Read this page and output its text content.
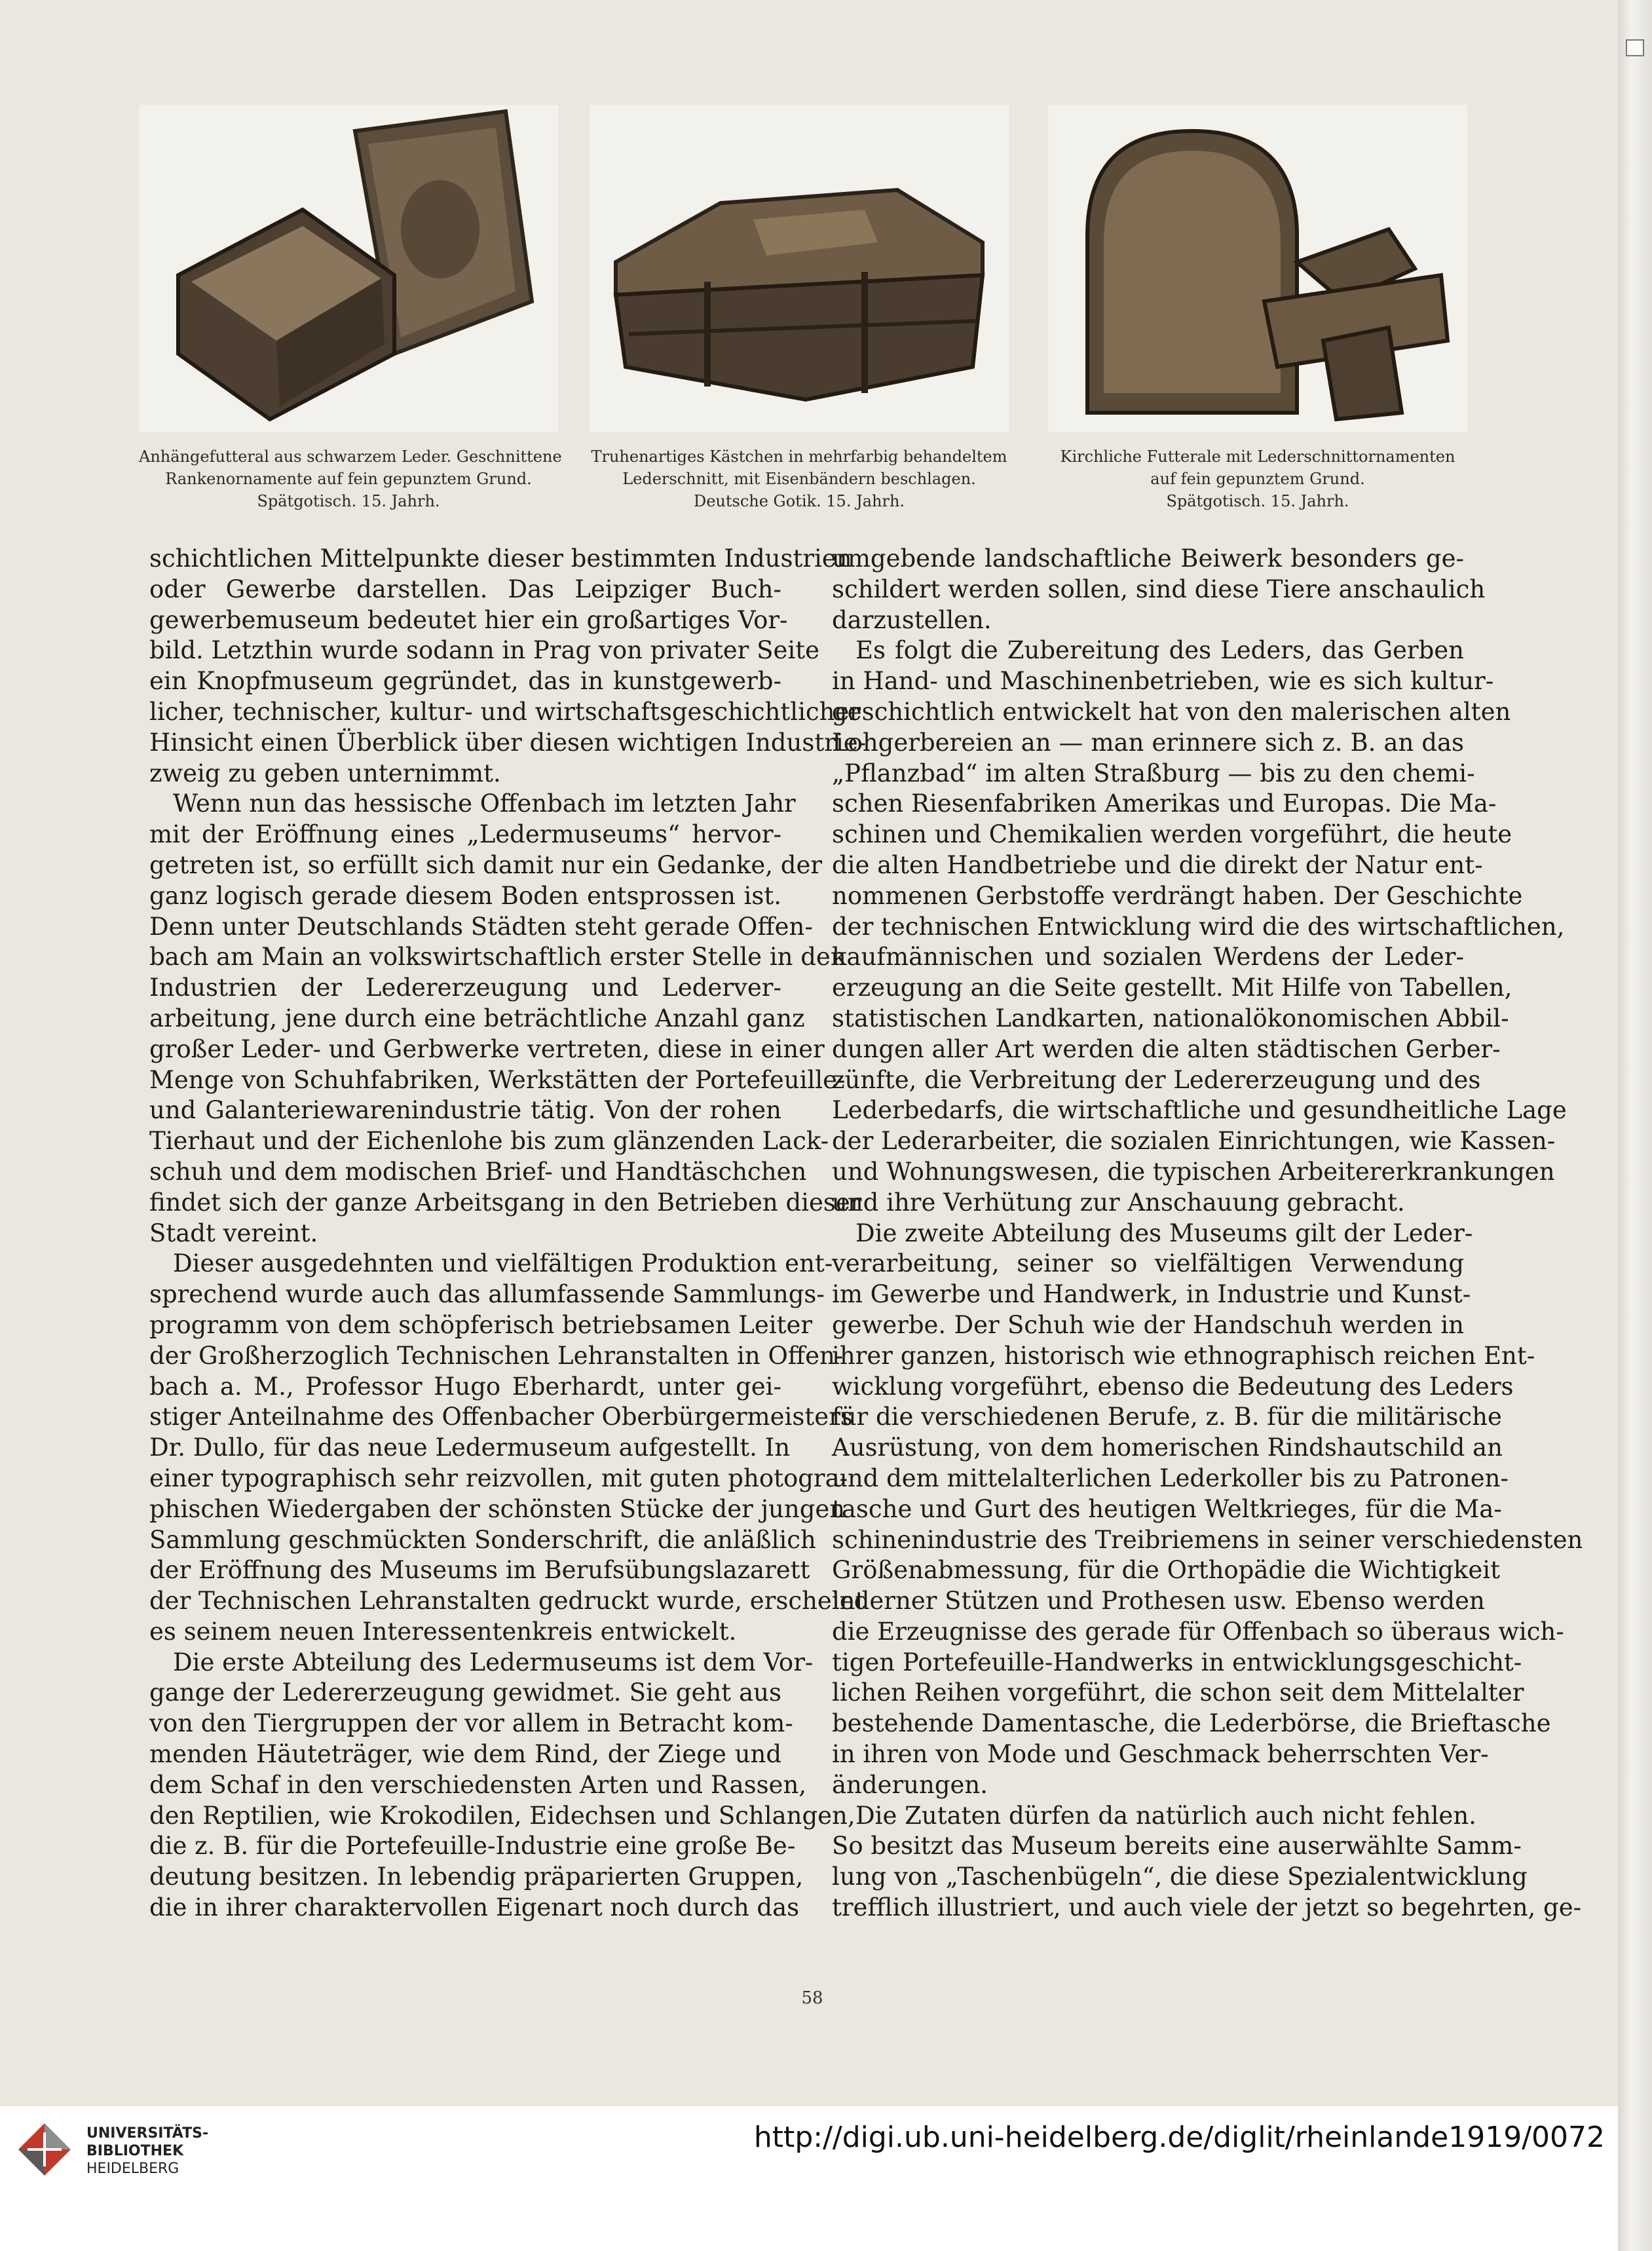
Anhängefutteral aus schwarzem Leder. Geschnittene
Rankenornamente auf fein gepunztem Grund.
Spätgotisch. 15. Jahrh.
Truhenartiges Kästchen in mehrfarbig behandeltem
Lederschnitt, mit Eisenbändern beschlagen.
Deutsche Gotik. 15. Jahrh.
Kirchliche Futterale mit Lederschnittornamenten
auf fein gepunztem Grund.
Spätgotisch. 15. Jahrh.
schichtlichen Mittelpunkte dieser bestimmten Industrien
oder Gewerbe darstellen. Das Leipziger Buch-
gewerbemuseum bedeutet hier ein großartiges Vor-
bild. Letzthin wurde sodann in Prag von privater Seite
ein Knopfmuseum gegründet, das in kunstgewerb-
licher, technischer, kultur- und wirtschaftsgeschichtlicher
Hinsicht einen Überblick über diesen wichtigen Industrie-
zweig zu geben unternimmt.
Wenn nun das hessische Offenbach im letzten Jahr
mit der Eröffnung eines „Ledermuseums“ hervor-
getreten ist, so erfüllt sich damit nur ein Gedanke, der
ganz logisch gerade diesem Boden entsprossen ist.
Denn unter Deutschlands Städten steht gerade Offen-
bach am Main an volkswirtschaftlich erster Stelle in den
Industrien der Ledererzeugung und Lederver-
arbeitung, jene durch eine beträchtliche Anzahl ganz
großer Leder- und Gerbwerke vertreten, diese in einer
Menge von Schuhfabriken, Werkstätten der Portefeuille-
und Galanteriewarenindustrie tätig. Von der rohen
Tierhaut und der Eichenlohe bis zum glänzenden Lack-
schuh und dem modischen Brief- und Handtäschchen
findet sich der ganze Arbeitsgang in den Betrieben dieser
Stadt vereint.
Dieser ausgedehnten und vielfältigen Produktion ent-
sprechend wurde auch das allumfassende Sammlungs-
programm von dem schöpferisch betriebsamen Leiter
der Großherzoglich Technischen Lehranstalten in Offen-
bach a. M., Professor Hugo Eberhardt, unter gei-
stiger Anteilnahme des Offenbacher Oberbürgermeisters
Dr. Dullo, für das neue Ledermuseum aufgestellt. In
einer typographisch sehr reizvollen, mit guten photogra-
phischen Wiedergaben der schönsten Stücke der jungen
Sammlung geschmückten Sonderschrift, die anläßlich
der Eröffnung des Museums im Berufsübungslazarett
der Technischen Lehranstalten gedruckt wurde, erscheint
es seinem neuen Interessentenkreis entwickelt.
Die erste Abteilung des Ledermuseums ist dem Vor-
gange der Ledererzeugung gewidmet. Sie geht aus
von den Tiergruppen der vor allem in Betracht kom-
menden Häuteträger, wie dem Rind, der Ziege und
dem Schaf in den verschiedensten Arten und Rassen,
den Reptilien, wie Krokodilen, Eidechsen und Schlangen,
die z. B. für die Portefeuille-Industrie eine große Be-
deutung besitzen. In lebendig präparierten Gruppen,
die in ihrer charaktervollen Eigenart noch durch das
umgebende landschaftliche Beiwerk besonders ge-
schildert werden sollen, sind diese Tiere anschaulich
darzustellen.
Es folgt die Zubereitung des Leders, das Gerben
in Hand- und Maschinenbetrieben, wie es sich kultur-
geschichtlich entwickelt hat von den malerischen alten
Lohgerbereien an — man erinnere sich z. B. an das
„Pflanzbad“ im alten Straßburg — bis zu den chemi-
schen Riesenfabriken Amerikas und Europas. Die Ma-
schinen und Chemikalien werden vorgeführt, die heute
die alten Handbetriebe und die direkt der Natur ent-
nommenen Gerbstoffe verdrängt haben. Der Geschichte
der technischen Entwicklung wird die des wirtschaftlichen,
kaufmännischen und sozialen Werdens der Leder-
erzeugung an die Seite gestellt. Mit Hilfe von Tabellen,
statistischen Landkarten, nationalökonomischen Abbil-
dungen aller Art werden die alten städtischen Gerber-
zünfte, die Verbreitung der Ledererzeugung und des
Lederbedarfs, die wirtschaftliche und gesundheitliche Lage
der Lederarbeiter, die sozialen Einrichtungen, wie Kassen-
und Wohnungswesen, die typischen Arbeitererkrankungen
und ihre Verhütung zur Anschauung gebracht.
Die zweite Abteilung des Museums gilt der Leder-
verarbeitung, seiner so vielfältigen Verwendung
im Gewerbe und Handwerk, in Industrie und Kunst-
gewerbe. Der Schuh wie der Handschuh werden in
ihrer ganzen, historisch wie ethnographisch reichen Ent-
wicklung vorgeführt, ebenso die Bedeutung des Leders
für die verschiedenen Berufe, z. B. für die militärische
Ausrüstung, von dem homerischen Rindshautschild an
und dem mittelalterlichen Lederkoller bis zu Patronen-
tasche und Gurt des heutigen Weltkrieges, für die Ma-
schinenindustrie des Treibriemens in seiner verschiedensten
Größenabmessung, für die Orthopädie die Wichtigkeit
lederner Stützen und Prothesen usw. Ebenso werden
die Erzeugnisse des gerade für Offenbach so überaus wich-
tigen Portefeuille-Handwerks in entwicklungsgeschicht-
lichen Reihen vorgeführt, die schon seit dem Mittelalter
bestehende Damentasche, die Lederbörse, die Brieftasche
in ihren von Mode und Geschmack beherrschten Ver-
änderungen.
Die Zutaten dürfen da natürlich auch nicht fehlen.
So besitzt das Museum bereits eine auserwählte Samm-
lung von „Taschenbügeln“, die diese Spezialentwicklung
trefflich illustriert, und auch viele der jetzt so begehrten, ge-
58
UNIVERSITÄTS-
BIBLIOTHEK
HEIDELBERG
http://digi.ub.uni-heidelberg.de/diglit/rheinlande1919/0072
